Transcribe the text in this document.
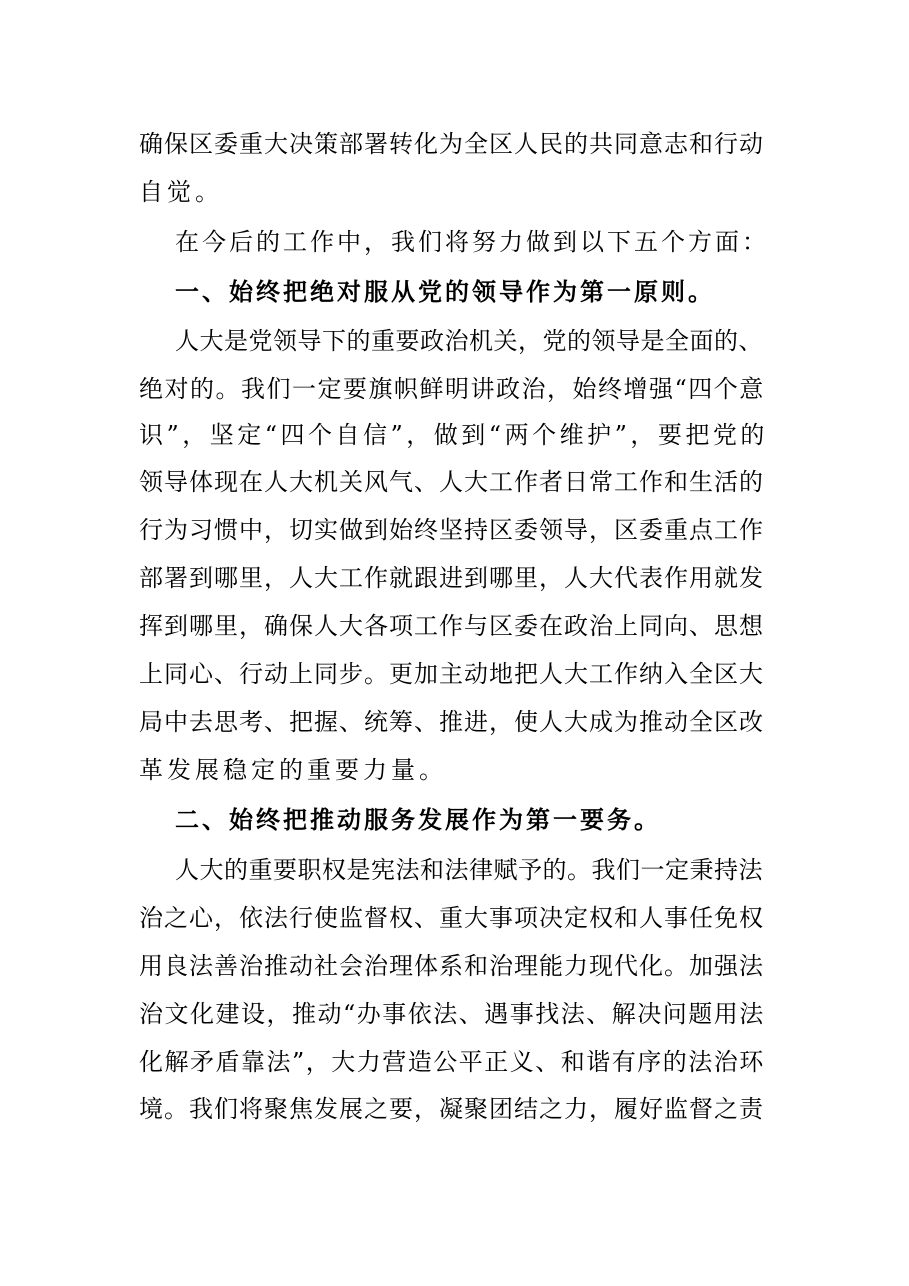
确保区委重大决策部署转化为全区人民的共同意志和行动
自觉。
在今后的工作中，我们将努力做到以下五个方面：
一、始终把绝对服从党的领导作为第一原则。
人大是党领导下的重要政治机关，党的领导是全面的、
绝对的。我们一定要旗帜鲜明讲政治，始终增强“四个意
识”，坚定“四个自信”，做到“两个维护”，要把党的
领导体现在人大机关风气、人大工作者日常工作和生活的
行为习惯中，切实做到始终坚持区委领导，区委重点工作
部署到哪里，人大工作就跟进到哪里，人大代表作用就发
挥到哪里，确保人大各项工作与区委在政治上同向、思想
上同心、行动上同步。更加主动地把人大工作纳入全区大
局中去思考、把握、统筹、推进，使人大成为推动全区改
革发展稳定的重要力量。
二、始终把推动服务发展作为第一要务。
人大的重要职权是宪法和法律赋予的。我们一定秉持法
治之心，依法行使监督权、重大事项决定权和人事任免权
用良法善治推动社会治理体系和治理能力现代化。加强法
治文化建设，推动“办事依法、遇事找法、解决问题用法
化解矛盾靠法”，大力营造公平正义、和谐有序的法治环
境。我们将聚焦发展之要，凝聚团结之力，履好监督之责
